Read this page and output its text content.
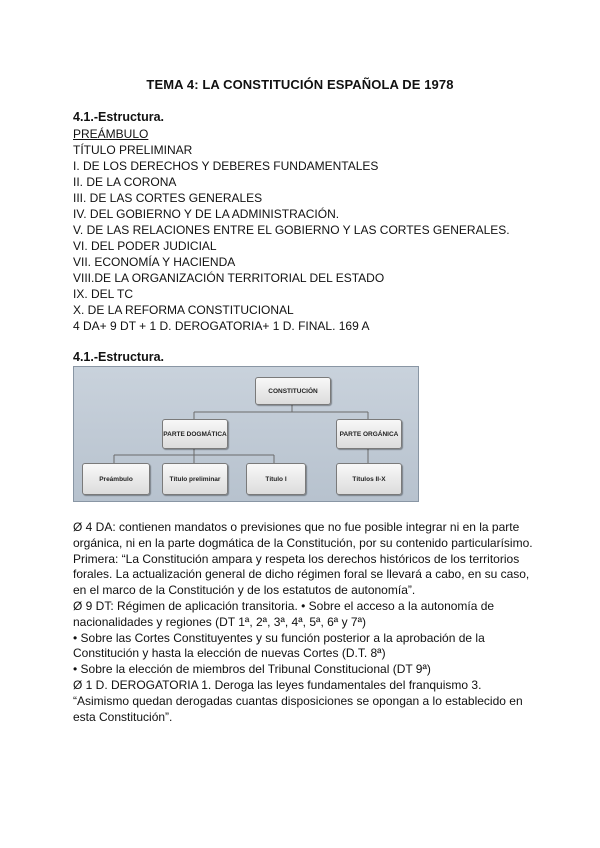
TEMA 4: LA CONSTITUCIÓN ESPAÑOLA DE 1978
4.1.-Estructura.
PREÁMBULO
TÍTULO PRELIMINAR
I. DE LOS DERECHOS Y DEBERES FUNDAMENTALES
II. DE LA CORONA
III. DE LAS CORTES GENERALES
IV. DEL GOBIERNO Y DE LA ADMINISTRACIÓN.
V. DE LAS RELACIONES ENTRE EL GOBIERNO Y LAS CORTES GENERALES.
VI. DEL PODER JUDICIAL
VII. ECONOMÍA Y HACIENDA
VIII.DE LA ORGANIZACIÓN TERRITORIAL DEL ESTADO
IX. DEL TC
X. DE LA REFORMA CONSTITUCIONAL
4 DA+ 9 DT + 1 D. DEROGATORIA+ 1 D. FINAL. 169 A
4.1.-Estructura.
CONSTITUCIÓN
PARTE DOGMÁTICA	PARTE ORGÁNICA
Preámbulo	Título preliminar	Título I	Títulos II-X
Ø 4 DA: contienen mandatos o previsiones que no fue posible integrar ni en la parte orgánica, ni en la parte dogmática de la Constitución, por su contenido particularísimo.
Primera: “La Constitución ampara y respeta los derechos históricos de los territorios forales. La actualización general de dicho régimen foral se llevará a cabo, en su caso, en el marco de la Constitución y de los estatutos de autonomía”.
Ø 9 DT: Régimen de aplicación transitoria. • Sobre el acceso a la autonomía de nacionalidades y regiones (DT 1ª, 2ª, 3ª, 4ª, 5ª, 6ª y 7ª)
• Sobre las Cortes Constituyentes y su función posterior a la aprobación de la Constitución y hasta la elección de nuevas Cortes (D.T. 8ª)
• Sobre la elección de miembros del Tribunal Constitucional (DT 9ª)
Ø 1 D. DEROGATORIA 1. Deroga las leyes fundamentales del franquismo 3. “Asimismo quedan derogadas cuantas disposiciones se opongan a lo establecido en esta Constitución”.
